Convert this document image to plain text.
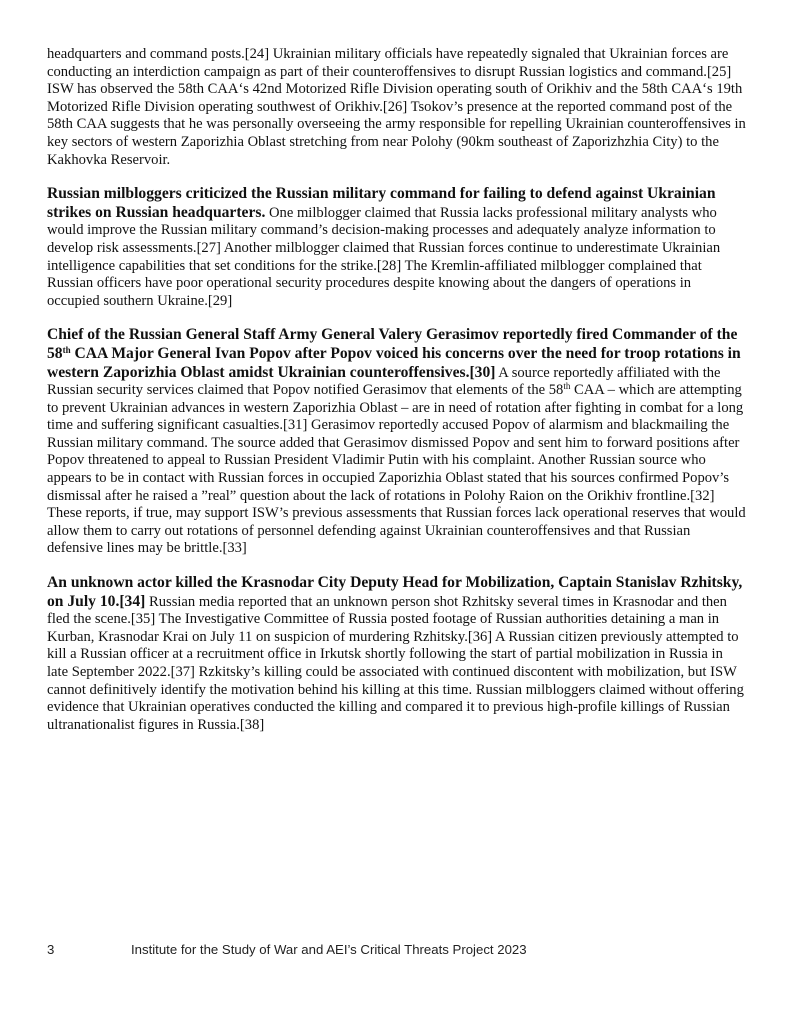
headquarters and command posts.[24] Ukrainian military officials have repeatedly signaled that Ukrainian forces are conducting an interdiction campaign as part of their counteroffensives to disrupt Russian logistics and command.[25] ISW has observed the 58th CAA‘s 42nd Motorized Rifle Division operating south of Orikhiv and the 58th CAA‘s 19th Motorized Rifle Division operating southwest of Orikhiv.[26] Tsokov’s presence at the reported command post of the 58th CAA suggests that he was personally overseeing the army responsible for repelling Ukrainian counteroffensives in key sectors of western Zaporizhia Oblast stretching from near Polohy (90km southeast of Zaporizhzhia City) to the Kakhovka Reservoir.

Russian milbloggers criticized the Russian military command for failing to defend against Ukrainian strikes on Russian headquarters. One milblogger claimed that Russia lacks professional military analysts who would improve the Russian military command’s decision-making processes and adequately analyze information to develop risk assessments.[27] Another milblogger claimed that Russian forces continue to underestimate Ukrainian intelligence capabilities that set conditions for the strike.[28] The Kremlin-affiliated milblogger complained that Russian officers have poor operational security procedures despite knowing about the dangers of operations in occupied southern Ukraine.[29]

Chief of the Russian General Staff Army General Valery Gerasimov reportedly fired Commander of the 58th CAA Major General Ivan Popov after Popov voiced his concerns over the need for troop rotations in western Zaporizhia Oblast amidst Ukrainian counteroffensives.[30] A source reportedly affiliated with the Russian security services claimed that Popov notified Gerasimov that elements of the 58th CAA – which are attempting to prevent Ukrainian advances in western Zaporizhia Oblast – are in need of rotation after fighting in combat for a long time and suffering significant casualties.[31] Gerasimov reportedly accused Popov of alarmism and blackmailing the Russian military command. The source added that Gerasimov dismissed Popov and sent him to forward positions after Popov threatened to appeal to Russian President Vladimir Putin with his complaint. Another Russian source who appears to be in contact with Russian forces in occupied Zaporizhia Oblast stated that his sources confirmed Popov’s dismissal after he raised a ”real” question about the lack of rotations in Polohy Raion on the Orikhiv frontline.[32] These reports, if true, may support ISW’s previous assessments that Russian forces lack operational reserves that would allow them to carry out rotations of personnel defending against Ukrainian counteroffensives and that Russian defensive lines may be brittle.[33]

An unknown actor killed the Krasnodar City Deputy Head for Mobilization, Captain Stanislav Rzhitsky, on July 10.[34] Russian media reported that an unknown person shot Rzhitsky several times in Krasnodar and then fled the scene.[35] The Investigative Committee of Russia posted footage of Russian authorities detaining a man in Kurban, Krasnodar Krai on July 11 on suspicion of murdering Rzhitsky.[36] A Russian citizen previously attempted to kill a Russian officer at a recruitment office in Irkutsk shortly following the start of partial mobilization in Russia in late September 2022.[37] Rzkitsky’s killing could be associated with continued discontent with mobilization, but ISW cannot definitively identify the motivation behind his killing at this time. Russian milbloggers claimed without offering evidence that Ukrainian operatives conducted the killing and compared it to previous high-profile killings of Russian ultranationalist figures in Russia.[38]

3	Institute for the Study of War and AEI’s Critical Threats Project 2023
